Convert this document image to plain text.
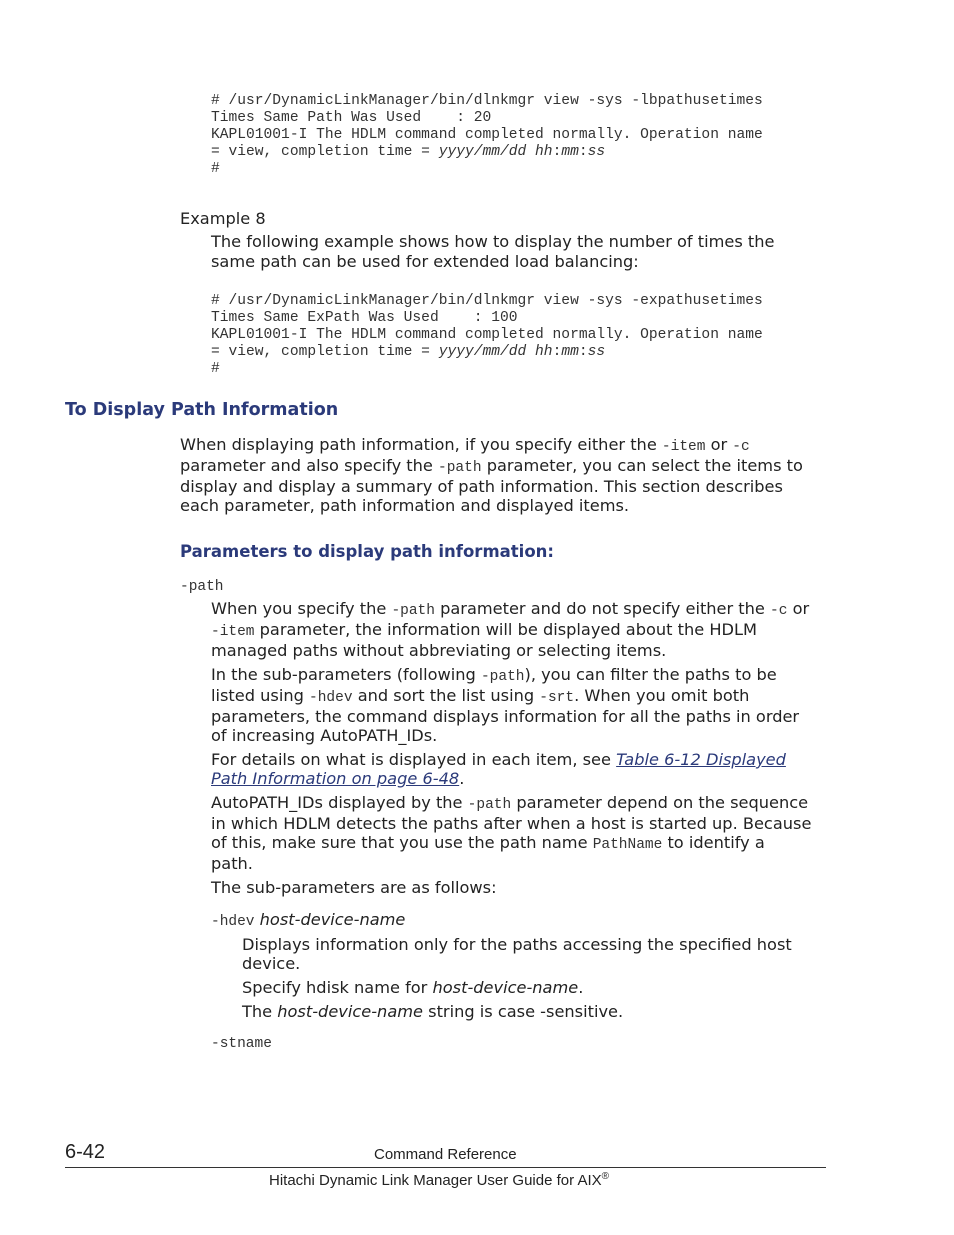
# /usr/DynamicLinkManager/bin/dlnkmgr view -sys -lbpathusetimes
Times Same Path Was Used    : 20
KAPL01001-I The HDLM command completed normally. Operation name
= view, completion time = yyyy/mm/dd hh:mm:ss
#
Example 8
The following example shows how to display the number of times the
same path can be used for extended load balancing:
# /usr/DynamicLinkManager/bin/dlnkmgr view -sys -expathusetimes
Times Same ExPath Was Used    : 100
KAPL01001-I The HDLM command completed normally. Operation name
= view, completion time = yyyy/mm/dd hh:mm:ss
#
To Display Path Information
When displaying path information, if you specify either the -item or -c
parameter and also specify the -path parameter, you can select the items to
display and display a summary of path information. This section describes
each parameter, path information and displayed items.
Parameters to display path information:
-path
When you specify the -path parameter and do not specify either the -c or
-item parameter, the information will be displayed about the HDLM
managed paths without abbreviating or selecting items.
In the sub-parameters (following -path), you can filter the paths to be
listed using -hdev and sort the list using -srt. When you omit both
parameters, the command displays information for all the paths in order
of increasing AutoPATH_IDs.
For details on what is displayed in each item, see Table 6-12 Displayed
Path Information on page 6-48.
AutoPATH_IDs displayed by the -path parameter depend on the sequence
in which HDLM detects the paths after when a host is started up. Because
of this, make sure that you use the path name PathName to identify a
path.
The sub-parameters are as follows:
-hdev host-device-name
Displays information only for the paths accessing the specified host
device.
Specify hdisk name for host-device-name.
The host-device-name string is case -sensitive.
-stname
6-42	Command Reference
Hitachi Dynamic Link Manager User Guide for AIX®
